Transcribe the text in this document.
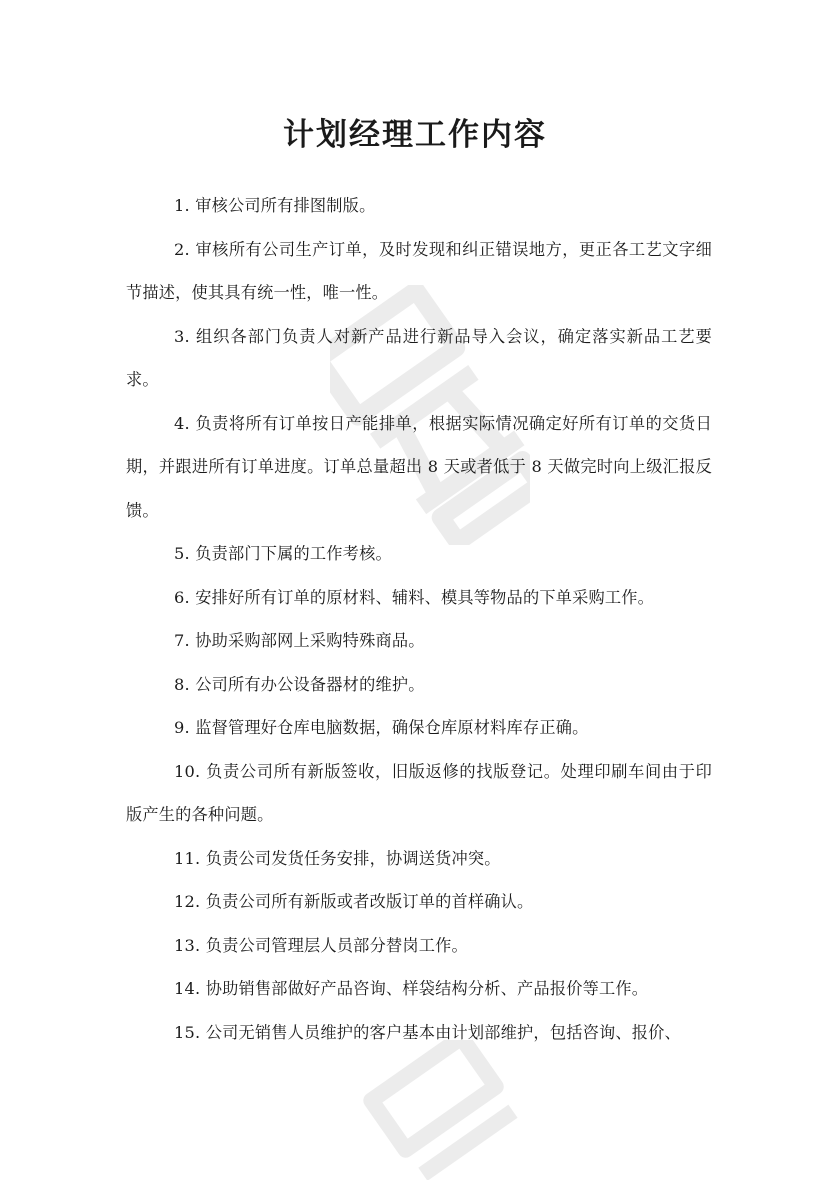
计划经理工作内容

1. 审核公司所有排图制版。

2. 审核所有公司生产订单，及时发现和纠正错误地方，更正各工艺文字细节描述，使其具有统一性，唯一性。

3. 组织各部门负责人对新产品进行新品导入会议，确定落实新品工艺要求。

4. 负责将所有订单按日产能排单，根据实际情况确定好所有订单的交货日期，并跟进所有订单进度。订单总量超出 8 天或者低于 8 天做完时向上级汇报反馈。

5. 负责部门下属的工作考核。

6. 安排好所有订单的原材料、辅料、模具等物品的下单采购工作。

7. 协助采购部网上采购特殊商品。

8. 公司所有办公设备器材的维护。

9. 监督管理好仓库电脑数据，确保仓库原材料库存正确。

10. 负责公司所有新版签收，旧版返修的找版登记。处理印刷车间由于印版产生的各种问题。

11. 负责公司发货任务安排，协调送货冲突。

12. 负责公司所有新版或者改版订单的首样确认。

13. 负责公司管理层人员部分替岗工作。

14. 协助销售部做好产品咨询、样袋结构分析、产品报价等工作。

15. 公司无销售人员维护的客户基本由计划部维护，包括咨询、报价、
